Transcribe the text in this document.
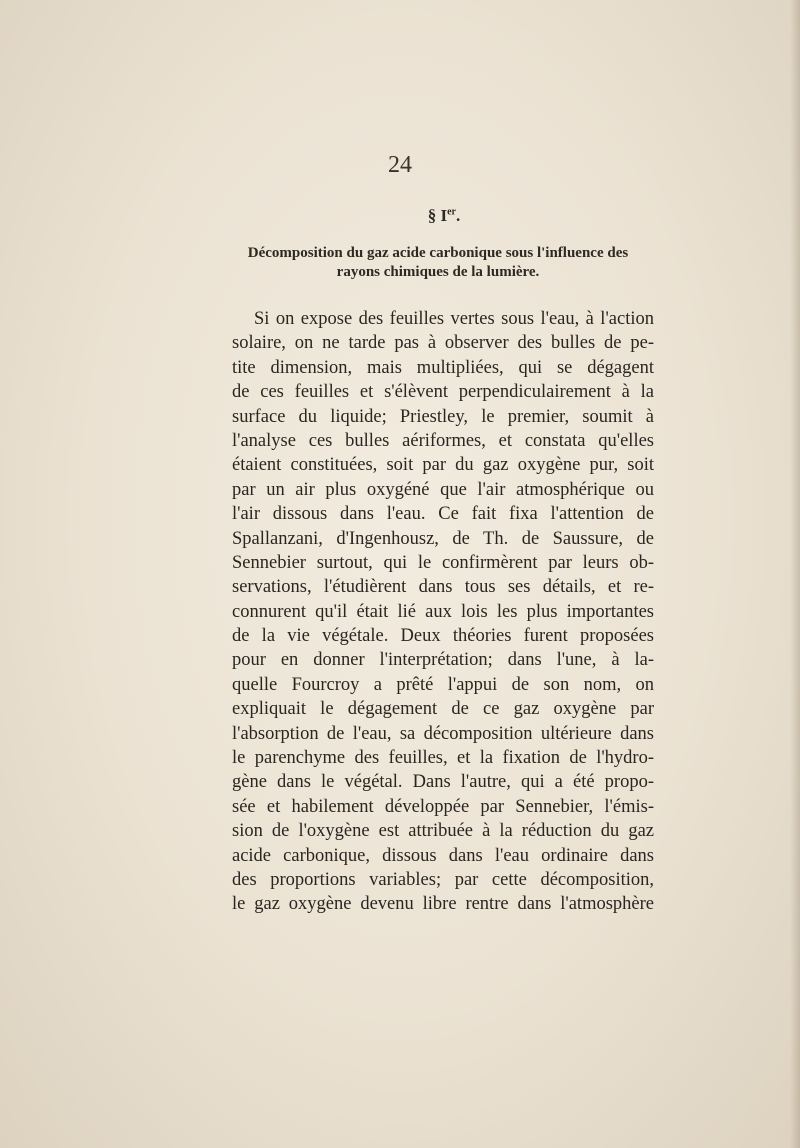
24
§ Ier.
Décomposition du gaz acide carbonique sous l'influence des rayons chimiques de la lumière.
Si on expose des feuilles vertes sous l'eau, à l'action
solaire, on ne tarde pas à observer des bulles de pe-
tite dimension, mais multipliées, qui se dégagent
de ces feuilles et s'élèvent perpendiculairement à la
surface du liquide; Priestley, le premier, soumit à
l'analyse ces bulles aériformes, et constata qu'elles
étaient constituées, soit par du gaz oxygène pur, soit
par un air plus oxygéné que l'air atmosphérique ou
l'air dissous dans l'eau. Ce fait fixa l'attention de
Spallanzani, d'Ingenhousz, de Th. de Saussure, de
Sennebier surtout, qui le confirmèrent par leurs ob-
servations, l'étudièrent dans tous ses détails, et re-
connurent qu'il était lié aux lois les plus importantes
de la vie végétale. Deux théories furent proposées
pour en donner l'interprétation; dans l'une, à la-
quelle Fourcroy a prêté l'appui de son nom, on
expliquait le dégagement de ce gaz oxygène par
l'absorption de l'eau, sa décomposition ultérieure dans
le parenchyme des feuilles, et la fixation de l'hydro-
gène dans le végétal. Dans l'autre, qui a été propo-
sée et habilement développée par Sennebier, l'émis-
sion de l'oxygène est attribuée à la réduction du gaz
acide carbonique, dissous dans l'eau ordinaire dans
des proportions variables; par cette décomposition,
le gaz oxygène devenu libre rentre dans l'atmosphère
